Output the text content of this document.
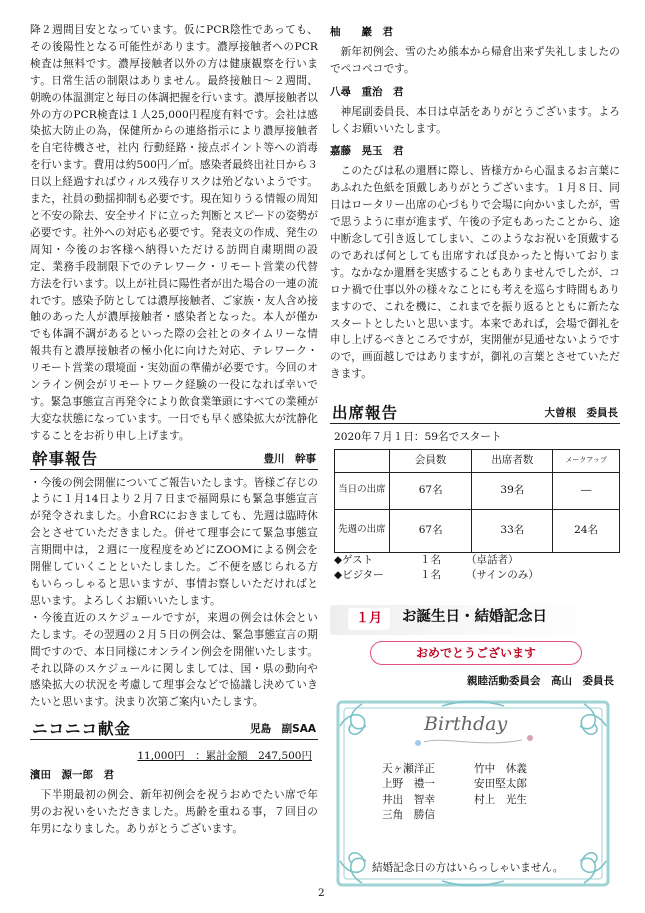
降２週間目安となっています。仮にPCR陰性であっても、その後陽性となる可能性があります。濃厚接触者へのPCR検査は無料です。濃厚接触者以外の方は健康観察を行います。日常生活の制限はありません。最終接触日～２週間、朝晩の体温測定と毎日の体調把握を行います。濃厚接触者以外の方のPCR検査は１人25,000円程度有料です。会社は感染拡大防止の為，保健所からの連絡指示により濃厚接触者を自宅待機させ，社内 行動経路・接点ポイント等への消毒を行います。費用は約500円／㎡。感染者最終出社日から３日以上経過すればウィルス残存リスクは殆どないようです。また，社員の動揺抑制も必要です。現在知りうる情報の周知と不安の除去、安全サイドに立った判断とスピードの姿勢が必要です。社外への対応も必要です。発表文の作成、発生の周知・今後のお客様へ納得いただける訪問自粛期間の設定、業務手段制限下でのテレワーク・リモート営業の代替方法を行います。以上が社員に陽性者が出た場合の一連の流れです。感染予防としては濃厚接触者、ご家族・友人含め接触のあった人が濃厚接触者・感染者となった。本人が僅かでも体調不調があるといった際の会社とのタイムリーな情報共有と濃厚接触者の極小化に向けた対応、テレワーク・リモート営業の環境面・実効面の準備が必要です。今回のオンライン例会がリモートワーク経験の一役になれば幸いです。緊急事態宣言再発令により飲食業筆頭にすべての業種が大変な状態になっています。一日でも早く感染拡大が沈静化することをお祈り申し上げます。

幹事報告	豊川　幹事

・今後の例会開催についてご報告いたします。皆様ご存じのように１月14日より２月７日まで福岡県にも緊急事態宣言が発令されました。小倉RCにおきましても、先週は臨時休会とさせていただきました。併せて理事会にて緊急事態宣言期間中は，２週に一度程度をめどにZOOMによる例会を開催していくことといたしました。ご不便を感じられる方もいらっしゃると思いますが、事情お察しいただければと思います。よろしくお願いいたします。

・今後直近のスケジュールですが，来週の例会は休会といたします。その翌週の２月５日の例会は、緊急事態宣言の期間ですので、本日同様にオンライン例会を開催いたします。それ以降のスケジュールに関しましては、国・県の動向や感染拡大の状況を考慮して理事会などで協議し決めていきたいと思います。決まり次第ご案内いたします。

ニコニコ献金	児島　副SAA
11,000円　：累計金額　247,500円
濱田　源一郎　君

下半期最初の例会、新年初例会を祝うおめでたい席で年男のお祝いをいただきました。馬齢を重ねる事，７回目の年男になりました。ありがとうございます。

柚　　巖　君

新年初例会、雪のため熊本から帰倉出来ず失礼しましたのでペコペコです。

八尋　重治　君

神尾副委員長、本日は卓話をありがとうございます。よろしくお願いいたします。

嘉藤　晃玉　君

このたびは私の還暦に際し、皆様方から心温まるお言葉にあふれた色紙を頂戴しありがとうございます。１月８日、同日はロータリー出席の心づもりで会場に向かいましたが，雪で思うように車が進まず、午後の予定もあったことから、途中断念して引き返してしまい、このようなお祝いを頂戴するのであれば何としても出席すれば良かったと悔いております。なかなか還暦を実感することもありませんでしたが、コロナ禍で仕事以外の様々なことにも考えを巡らす時間もありますので、これを機に、これまでを振り返るとともに新たなスタートとしたいと思います。本来であれば，会場で御礼を申し上げるべきところですが，実開催が見通せないようですので，画面越しではありますが，御礼の言葉とさせていただきます。

出席報告	大曽根　委員長
2020年７月１日：59名でスタート
	会員数	出席者数	メークアップ
当日の出席	67名	39名	―
先週の出席	67名	33名	24名
◆ゲスト	１名	（卓話者）
◆ビジター	１名	（サインのみ）
１月	お誕生日・結婚記念日
おめでとうございます
親睦活動委員会　高山　委員長
Birthday
天ヶ瀬洋正	竹中　休義
上野　禮一	安田堅太郎
井出　智幸	村上　光生
三角　勝信
結婚記念日の方はいらっしゃいません。
2
